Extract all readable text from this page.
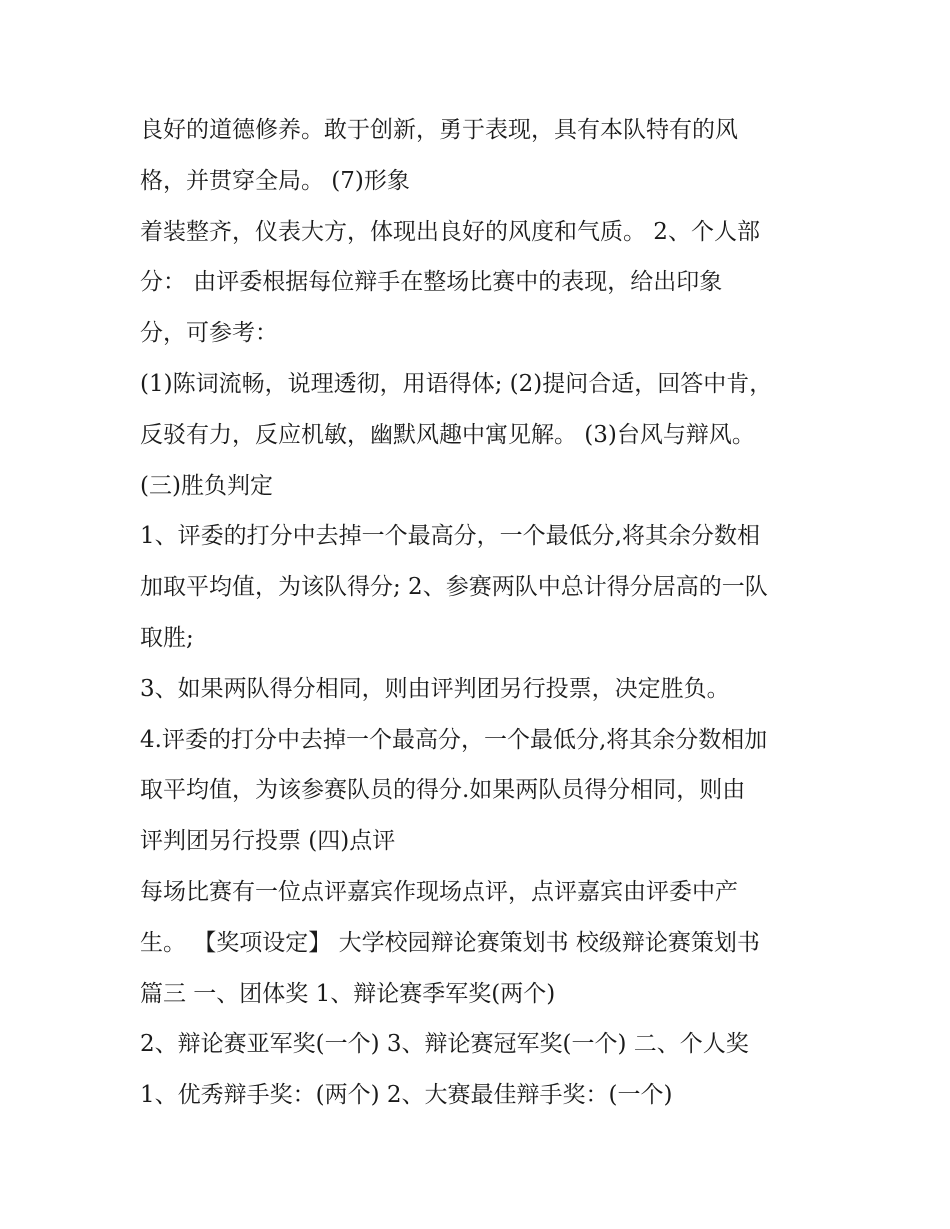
良好的道德修养。敢于创新，勇于表现，具有本队特有的风
格，并贯穿全局。 (7)形象
着装整齐，仪表大方，体现出良好的风度和气质。 2、个人部
分： 由评委根据每位辩手在整场比赛中的表现，给出印象
分，可参考：
(1)陈词流畅，说理透彻，用语得体; (2)提问合适，回答中肯，
反驳有力，反应机敏，幽默风趣中寓见解。 (3)台风与辩风。
(三)胜负判定
1、评委的打分中去掉一个最高分，一个最低分,将其余分数相
加取平均值，为该队得分; 2、参赛两队中总计得分居高的一队
取胜;
3、如果两队得分相同，则由评判团另行投票，决定胜负。
4.评委的打分中去掉一个最高分，一个最低分,将其余分数相加
取平均值，为该参赛队员的得分.如果两队员得分相同，则由
评判团另行投票 (四)点评
每场比赛有一位点评嘉宾作现场点评，点评嘉宾由评委中产
生。 【奖项设定】 大学校园辩论赛策划书 校级辩论赛策划书
篇三 一、团体奖 1、辩论赛季军奖(两个)
2、辩论赛亚军奖(一个) 3、辩论赛冠军奖(一个) 二、个人奖
1、优秀辩手奖：(两个) 2、大赛最佳辩手奖：(一个)
